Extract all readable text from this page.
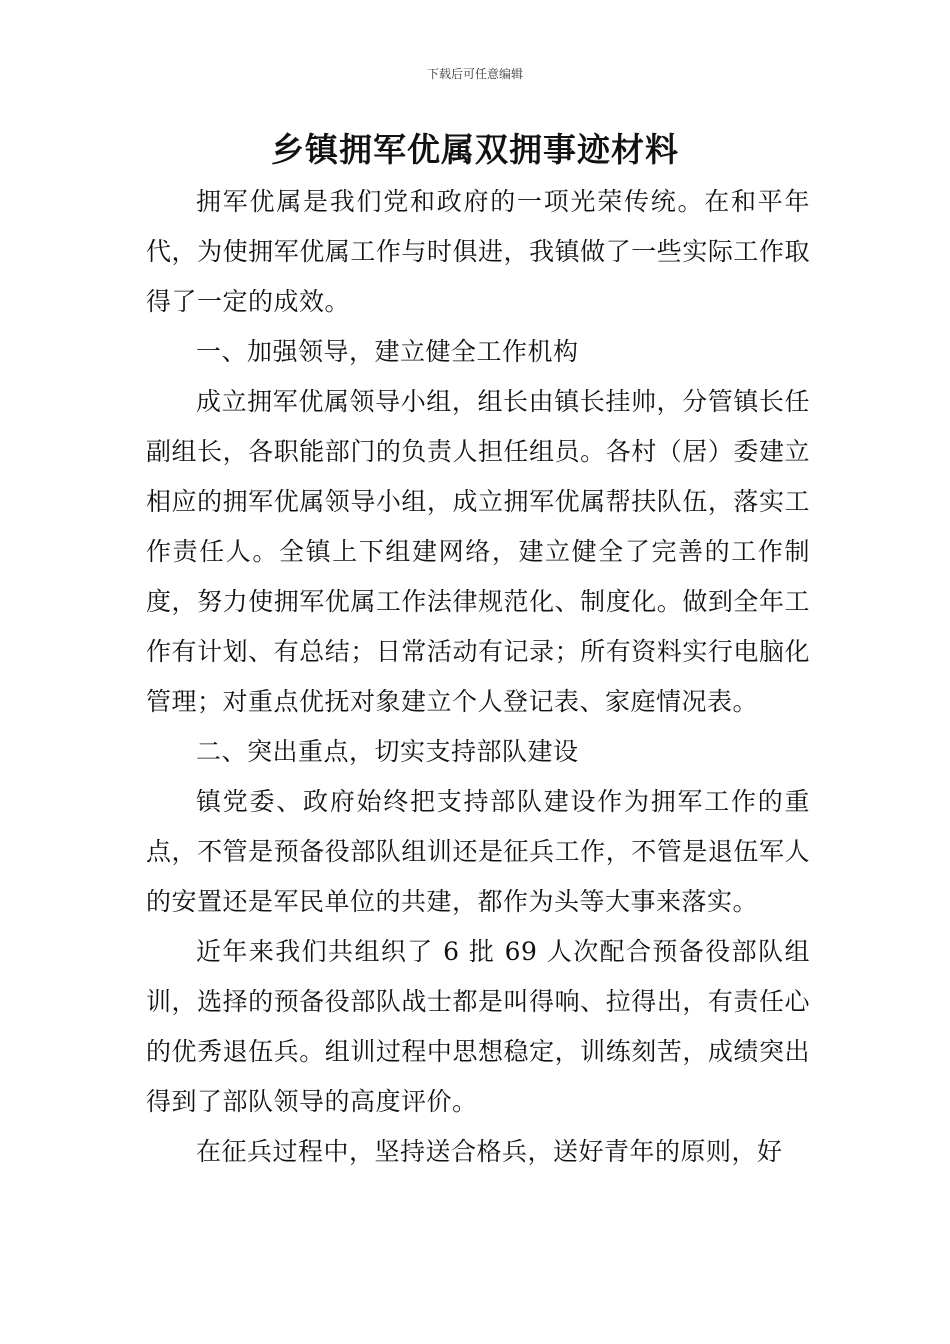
下载后可任意编辑
乡镇拥军优属双拥事迹材料

拥军优属是我们党和政府的一项光荣传统。在和平年代，为使拥军优属工作与时俱进，我镇做了一些实际工作取得了一定的成效。

一、加强领导，建立健全工作机构

成立拥军优属领导小组，组长由镇长挂帅，分管镇长任副组长，各职能部门的负责人担任组员。各村（居）委建立相应的拥军优属领导小组，成立拥军优属帮扶队伍，落实工作责任人。全镇上下组建网络，建立健全了完善的工作制度，努力使拥军优属工作法律规范化、制度化。做到全年工作有计划、有总结；日常活动有记录；所有资料实行电脑化管理；对重点优抚对象建立个人登记表、家庭情况表。

二、突出重点，切实支持部队建设

镇党委、政府始终把支持部队建设作为拥军工作的重点，不管是预备役部队组训还是征兵工作，不管是退伍军人的安置还是军民单位的共建，都作为头等大事来落实。

近年来我们共组织了 6 批 69 人次配合预备役部队组训，选择的预备役部队战士都是叫得响、拉得出，有责任心的优秀退伍兵。组训过程中思想稳定，训练刻苦，成绩突出得到了部队领导的高度评价。

在征兵过程中，坚持送合格兵，送好青年的原则，好
